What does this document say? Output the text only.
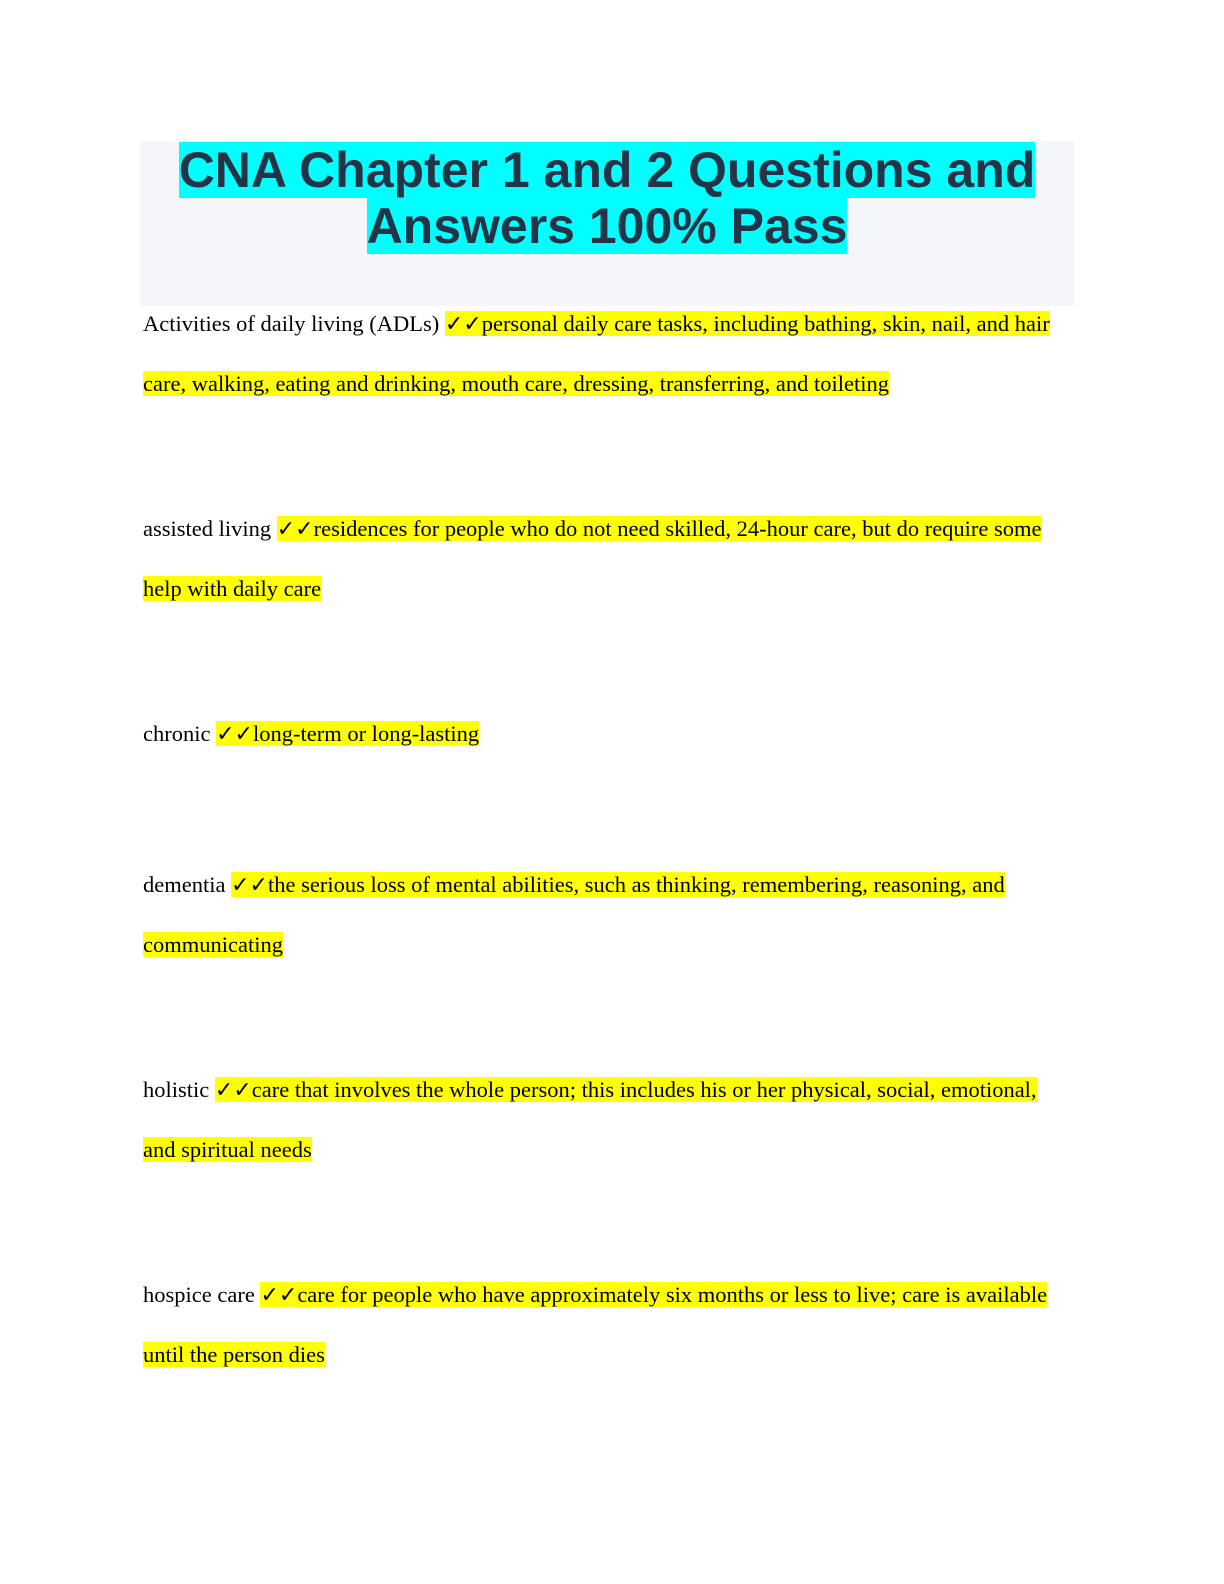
CNA Chapter 1 and 2 Questions and Answers 100% Pass
Activities of daily living (ADLs) ✓✓personal daily care tasks, including bathing, skin, nail, and hair care, walking, eating and drinking, mouth care, dressing, transferring, and toileting
assisted living ✓✓residences for people who do not need skilled, 24-hour care, but do require some help with daily care
chronic ✓✓long-term or long-lasting
dementia ✓✓the serious loss of mental abilities, such as thinking, remembering, reasoning, and communicating
holistic ✓✓care that involves the whole person; this includes his or her physical, social, emotional, and spiritual needs
hospice care ✓✓care for people who have approximately six months or less to live; care is available until the person dies
